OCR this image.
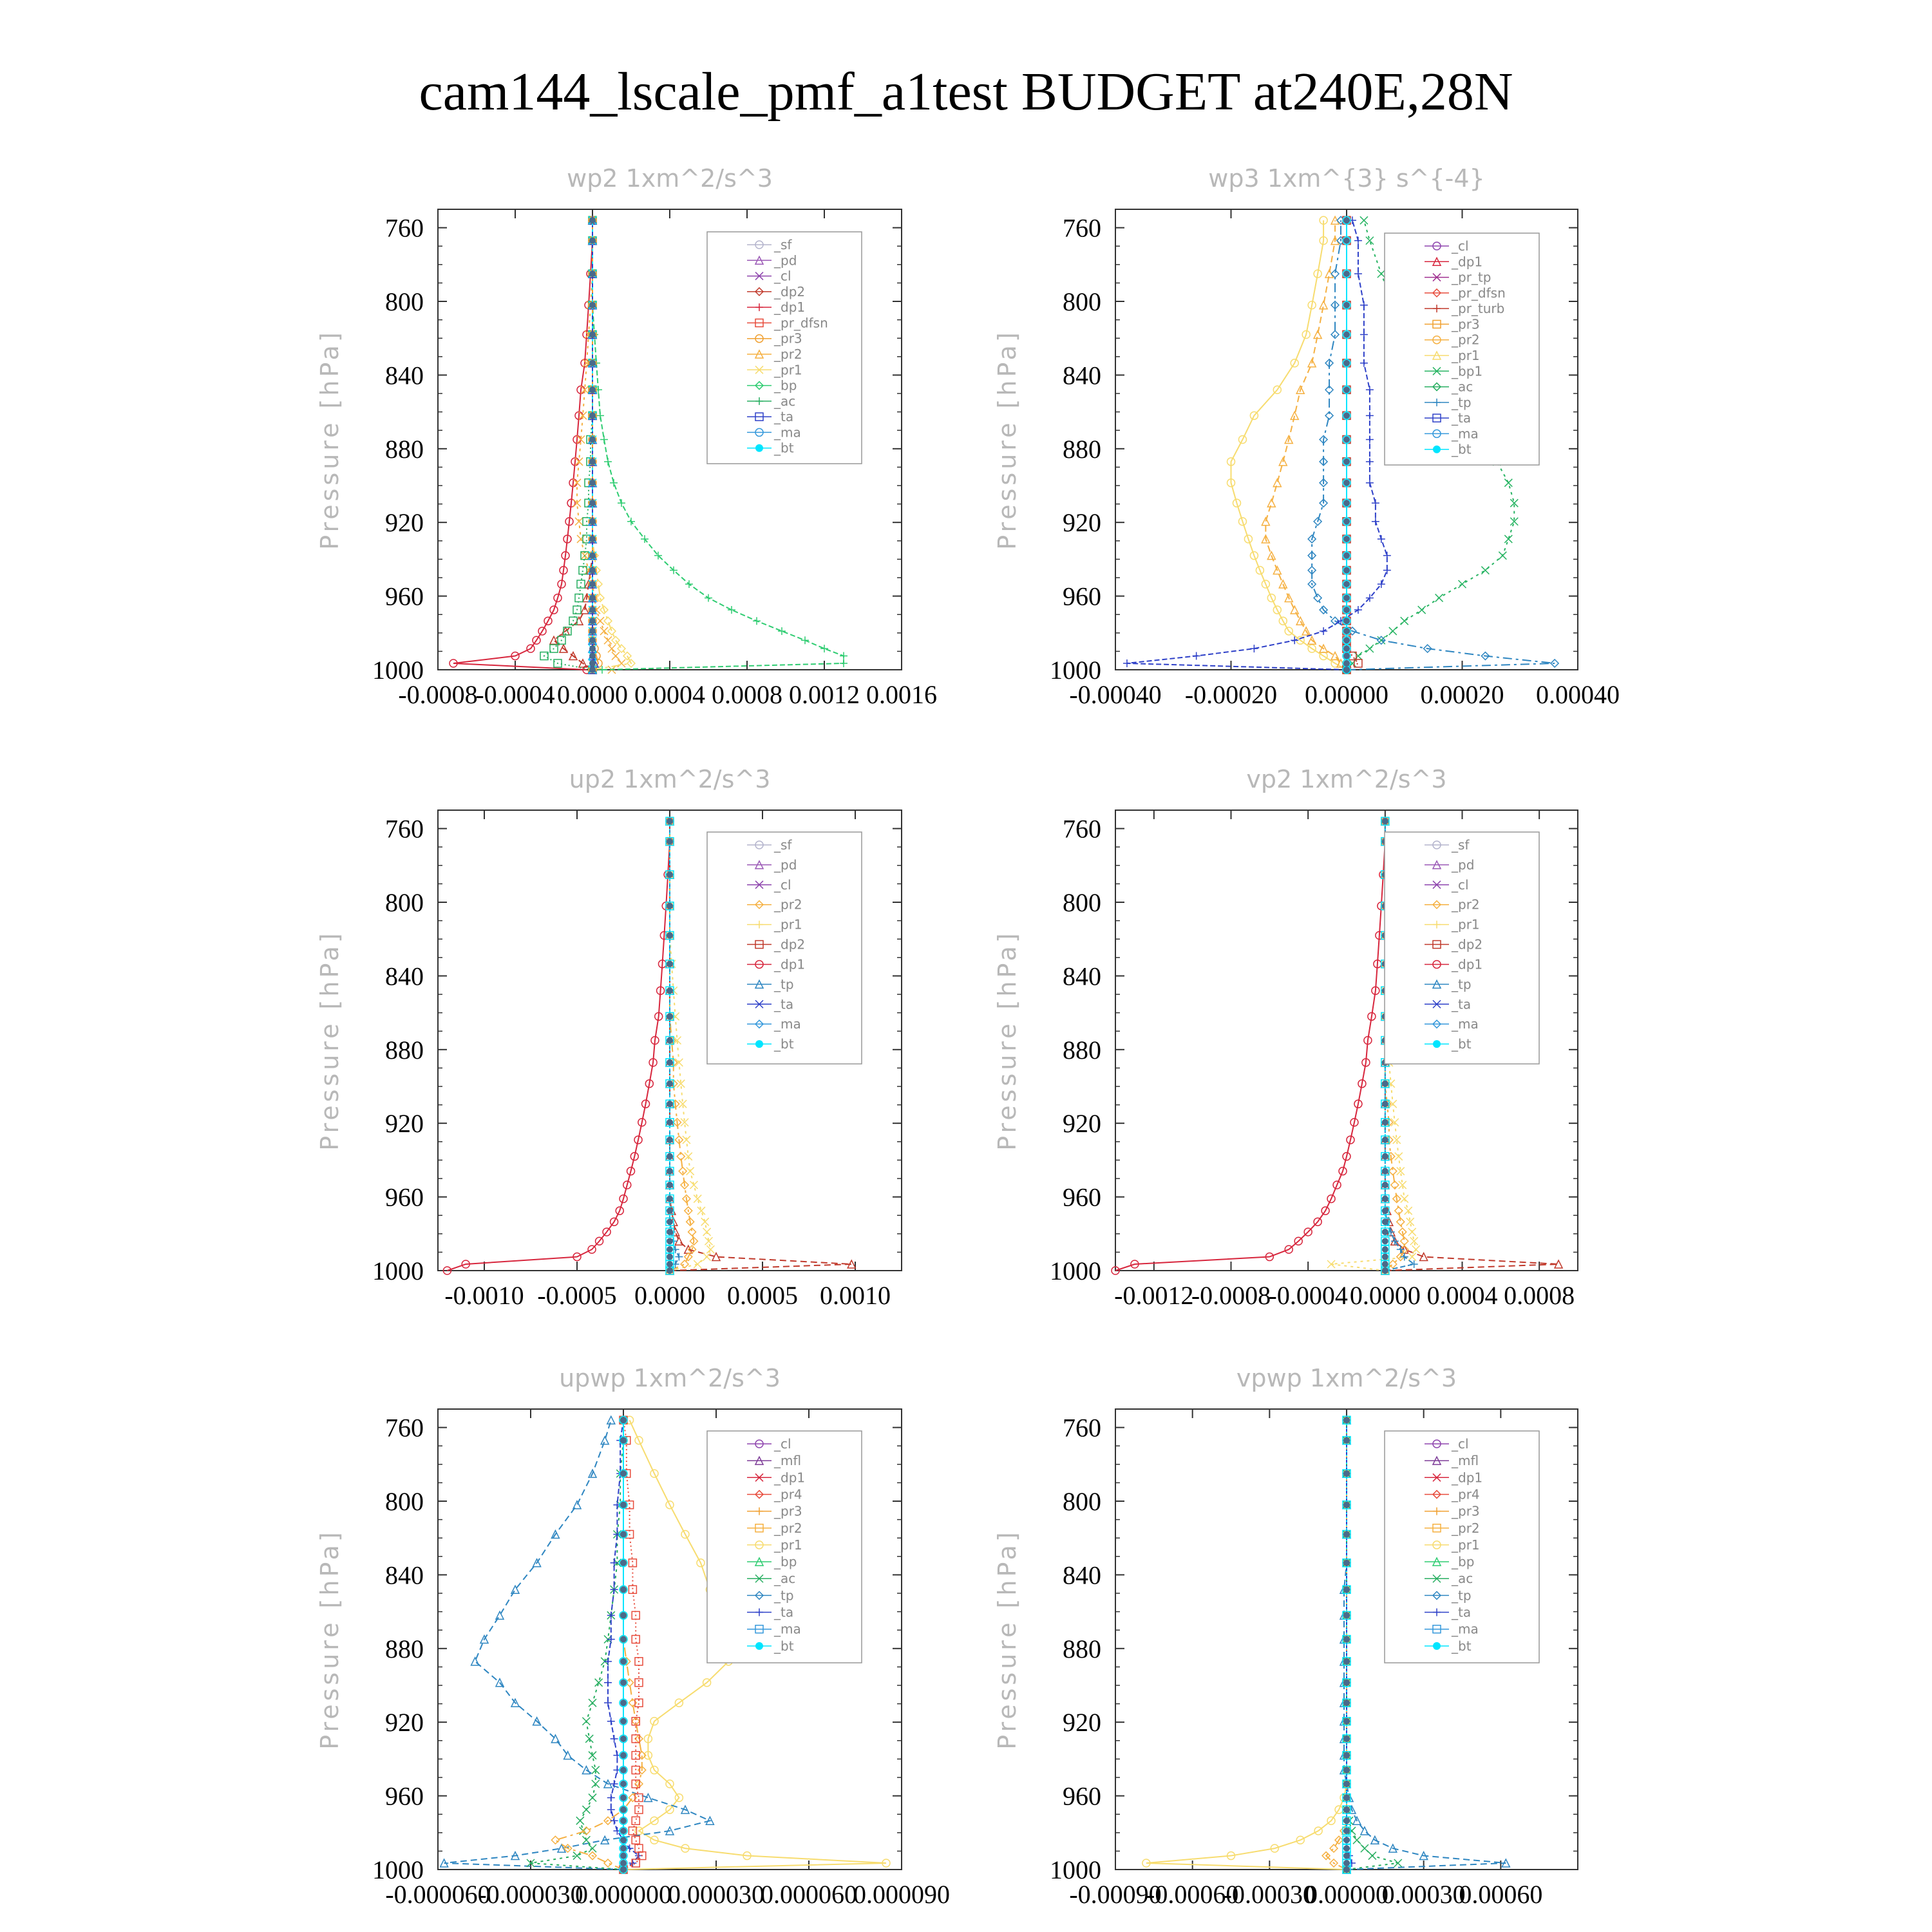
cam144_lscale_pmf_a1test BUDGET at240E,28N
wp2 1xm^2/s^3
Pressure [hPa]
760
800
840
880
920
960
1000
-0.0008
-0.0004 0.0000 0.0004 0.0008 0.0012 0.0016
_sf
_pd
_cl
_dp2
_dp1
_pr_dfsn
_pr3
_pr2
_pr1
_bp
_ac
_ta
_ma
_bt
wp3 1xm^{3} s^{-4}
Pressure [hPa]
760
800
840
880
920
960
1000
-0.00040 -0.00020 0.00000 0.00020 0.00040
_cl
_dp1
_pr_tp
_pr_dfsn
_pr_turb
_pr3
_pr2
_pr1
_bp1
_ac
_tp
_ta
_ma
_bt
up2 1xm^2/s^3
Pressure [hPa]
760
800
840
880
920
960
1000
-0.0010 -0.0005 0.0000 0.0005 0.0010
_sf
_pd
_cl
_pr2
_pr1
_dp2
_dp1
_tp
_ta
_ma
_bt
vp2 1xm^2/s^3
Pressure [hPa]
760
800
840
880
920
960
1000
-0.0012
-0.0008
-0.0004 0.0000 0.0004 0.0008
_sf
_pd
_cl
_pr2
_pr1
_dp2
_dp1
_tp
_ta
_ma
_bt
upwp 1xm^2/s^3
Pressure [hPa]
760
800
840
880
920
960
1000
-0.000060
-0.000030
0.000000
0.000030
0.000060
0.000090
_cl
_mfl
_dp1
_pr4
_pr3
_pr2
_pr1
_bp
_ac
_tp
_ta
_ma
_bt
vpwp 1xm^2/s^3
Pressure [hPa]
760
800
840
880
920
960
1000
-0.00090
-0.00060
-0.00030
0.00000
0.00030
0.00060
_cl
_mfl
_dp1
_pr4
_pr3
_pr2
_pr1
_bp
_ac
_tp
_ta
_ma
_bt
